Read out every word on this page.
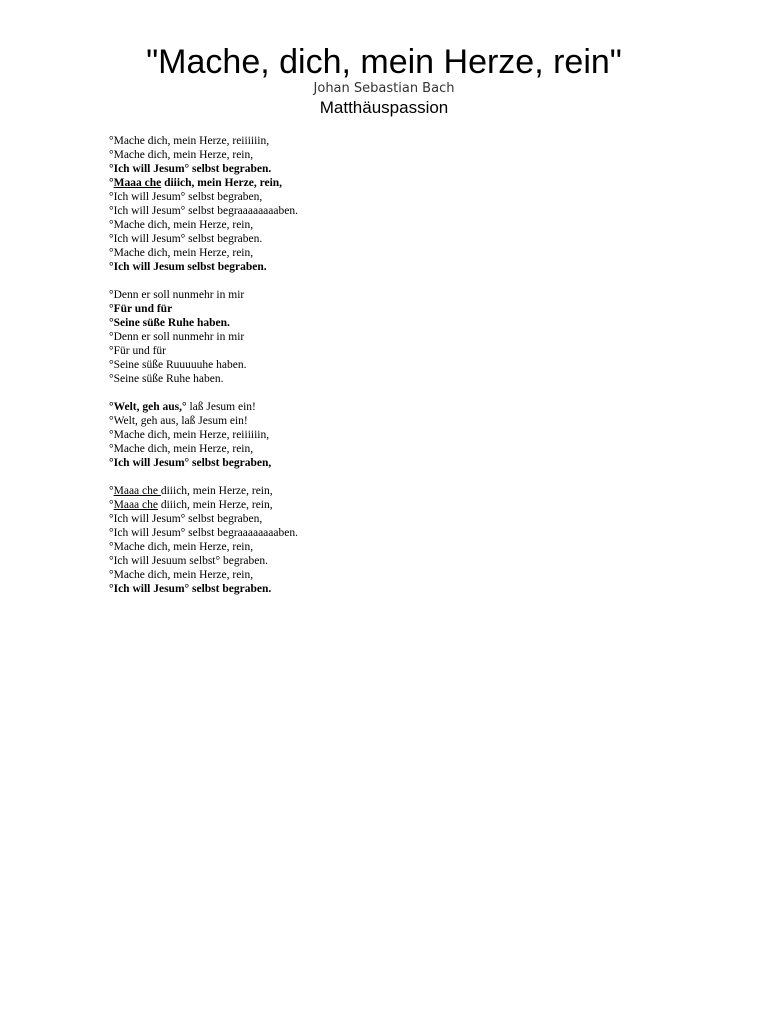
"Mache, dich, mein Herze, rein"
Johan Sebastian Bach
Matthäuspassion
°Mache dich, mein Herze, reiiiiiin,
°Mache dich, mein Herze, rein,
°Ich will Jesum° selbst begraben.
°Maaa che diiich, mein Herze, rein,
°Ich will Jesum° selbst begraben,
°Ich will Jesum° selbst begraaaaaaaaben.
°Mache dich, mein Herze, rein,
°Ich will Jesum° selbst begraben.
°Mache dich, mein Herze, rein,
°Ich will Jesum selbst begraben.
°Denn er soll nunmehr in mir
°Für und für
°Seine süße Ruhe haben.
°Denn er soll nunmehr in mir
°Für und für
°Seine süße Ruuuuuhe haben.
°Seine süße Ruhe haben.
°Welt, geh aus,° laß Jesum ein!
°Welt, geh aus, laß Jesum ein!
°Mache dich, mein Herze, reiiiiiin,
°Mache dich, mein Herze, rein,
°Ich will Jesum° selbst begraben,
°Maaa che diiich, mein Herze, rein,
°Maaa che diiich, mein Herze, rein,
°Ich will Jesum° selbst begraben,
°Ich will Jesum° selbst begraaaaaaaaben.
°Mache dich, mein Herze, rein,
°Ich will Jesuum selbst° begraben.
°Mache dich, mein Herze, rein,
°Ich will Jesum° selbst begraben.
